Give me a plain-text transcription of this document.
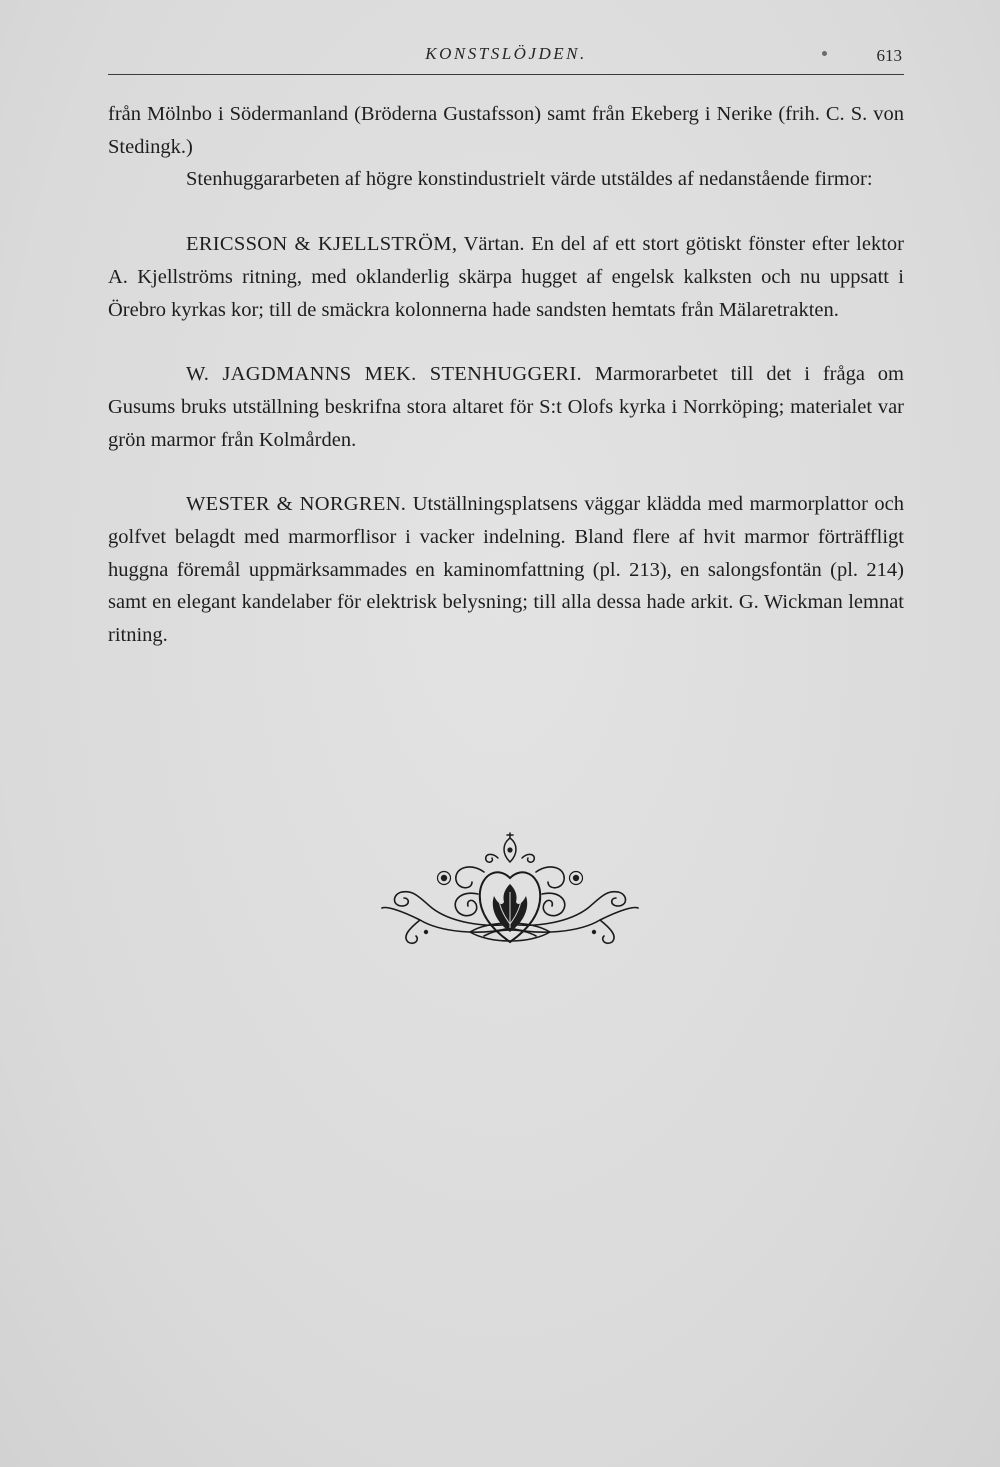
KONSTSLÖJDEN.	613

från Mölnbo i Södermanland (Bröderna Gustafsson) samt från Ekeberg i Nerike (frih. C. S. von Stedingk.)

Stenhuggararbeten af högre konstindustrielt värde utstäldes af nedanstående firmor:

ERICSSON & KJELLSTRÖM, Värtan. En del af ett stort götiskt fönster efter lektor A. Kjellströms ritning, med oklanderlig skärpa hugget af engelsk kalksten och nu uppsatt i Örebro kyrkas kor; till de smäckra kolonnerna hade sandsten hemtats från Mälaretrakten.

W. JAGDMANNS MEK. STENHUGGERI. Marmorarbetet till det i fråga om Gusums bruks utställning beskrifna stora altaret för S:t Olofs kyrka i Norrköping; materialet var grön marmor från Kolmården.

WESTER & NORGREN. Utställningsplatsens väggar klädda med marmorplattor och golfvet belagdt med marmorflisor i vacker indelning. Bland flere af hvit marmor förträffligt huggna föremål uppmärksammades en kaminomfattning (pl. 213), en salongsfontän (pl. 214) samt en elegant kandelaber för elektrisk belysning; till alla dessa hade arkit. G. Wickman lemnat ritning.
